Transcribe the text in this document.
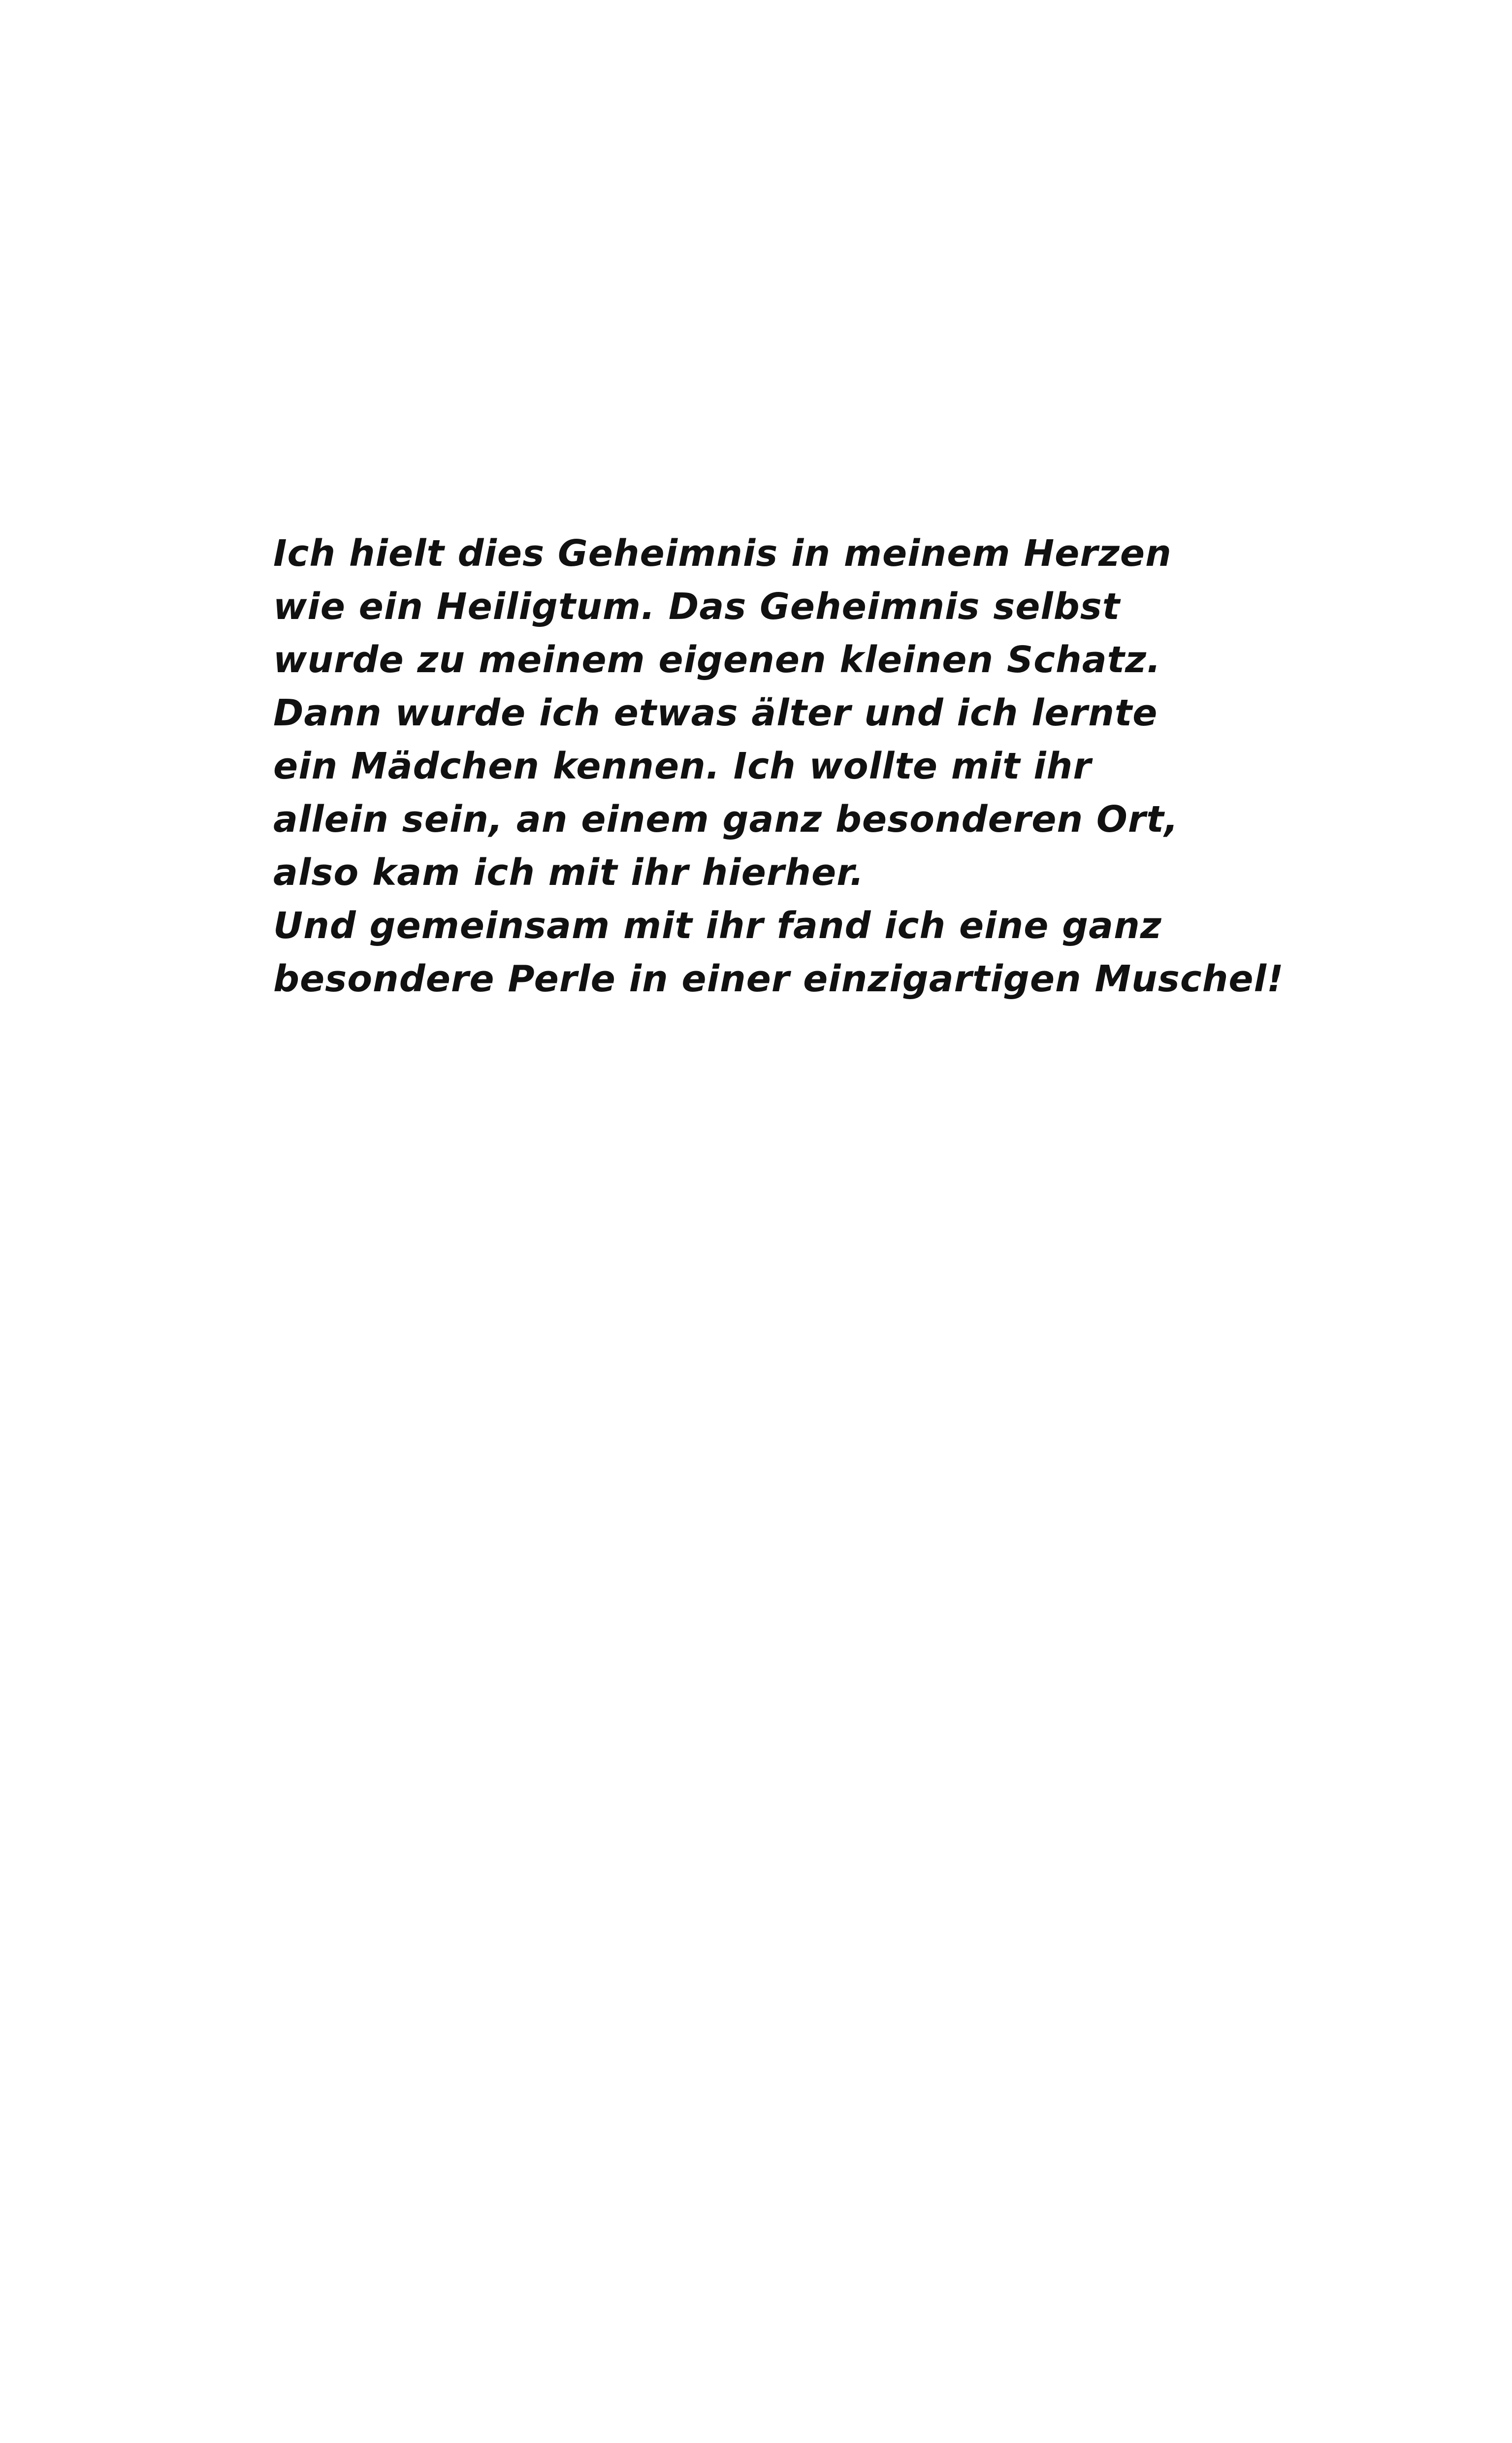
Ich hielt dies Geheimnis in meinem Herzen
wie ein Heiligtum. Das Geheimnis selbst
wurde zu meinem eigenen kleinen Schatz.
Dann wurde ich etwas älter und ich lernte
ein Mädchen kennen. Ich wollte mit ihr
allein sein, an einem ganz besonderen Ort,
also kam ich mit ihr hierher.
Und gemeinsam mit ihr fand ich eine ganz
besondere Perle in einer einzigartigen Muschel!
